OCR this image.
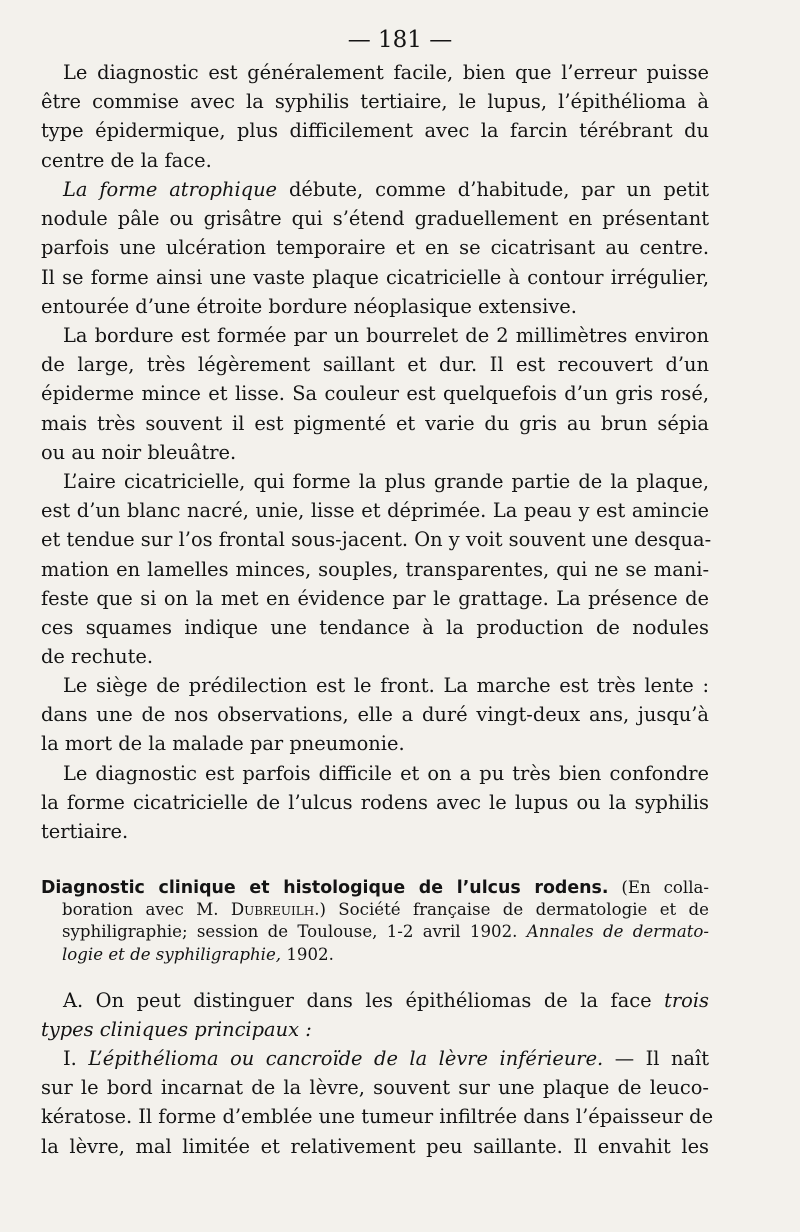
— 181 —
Le diagnostic est généralement facile, bien que l’erreur puisse
être commise avec la syphilis tertiaire, le lupus, l’épithélioma à
type épidermique, plus difficilement avec la farcin térébrant du
centre de la face.
La forme atrophique débute, comme d’habitude, par un petit
nodule pâle ou grisâtre qui s’étend graduellement en présentant
parfois une ulcération temporaire et en se cicatrisant au centre.
Il se forme ainsi une vaste plaque cicatricielle à contour irrégulier,
entourée d’une étroite bordure néoplasique extensive.
La bordure est formée par un bourrelet de 2 millimètres environ
de large, très légèrement saillant et dur. Il est recouvert d’un
épiderme mince et lisse. Sa couleur est quelquefois d’un gris rosé,
mais très souvent il est pigmenté et varie du gris au brun sépia
ou au noir bleuâtre.
L’aire cicatricielle, qui forme la plus grande partie de la plaque,
est d’un blanc nacré, unie, lisse et déprimée. La peau y est amincie
et tendue sur l’os frontal sous-jacent. On y voit souvent une desqua-
mation en lamelles minces, souples, transparentes, qui ne se mani-
feste que si on la met en évidence par le grattage. La présence de
ces squames indique une tendance à la production de nodules
de rechute.
Le siège de prédilection est le front. La marche est très lente :
dans une de nos observations, elle a duré vingt-deux ans, jusqu’à
la mort de la malade par pneumonie.
Le diagnostic est parfois difficile et on a pu très bien confondre
la forme cicatricielle de l’ulcus rodens avec le lupus ou la syphilis
tertiaire.
Diagnostic clinique et histologique de l’ulcus rodens. (En colla-
boration avec M. Dubreuilh.) Société française de dermatologie et de
syphiligraphie; session de Toulouse, 1-2 avril 1902. Annales de dermato-
logie et de syphiligraphie, 1902.
A. On peut distinguer dans les épithéliomas de la face trois
types cliniques principaux :
I. L’épithélioma ou cancroïde de la lèvre inférieure. — Il naît
sur le bord incarnat de la lèvre, souvent sur une plaque de leuco-
kératose. Il forme d’emblée une tumeur infiltrée dans l’épaisseur de
la lèvre, mal limitée et relativement peu saillante. Il envahit les
